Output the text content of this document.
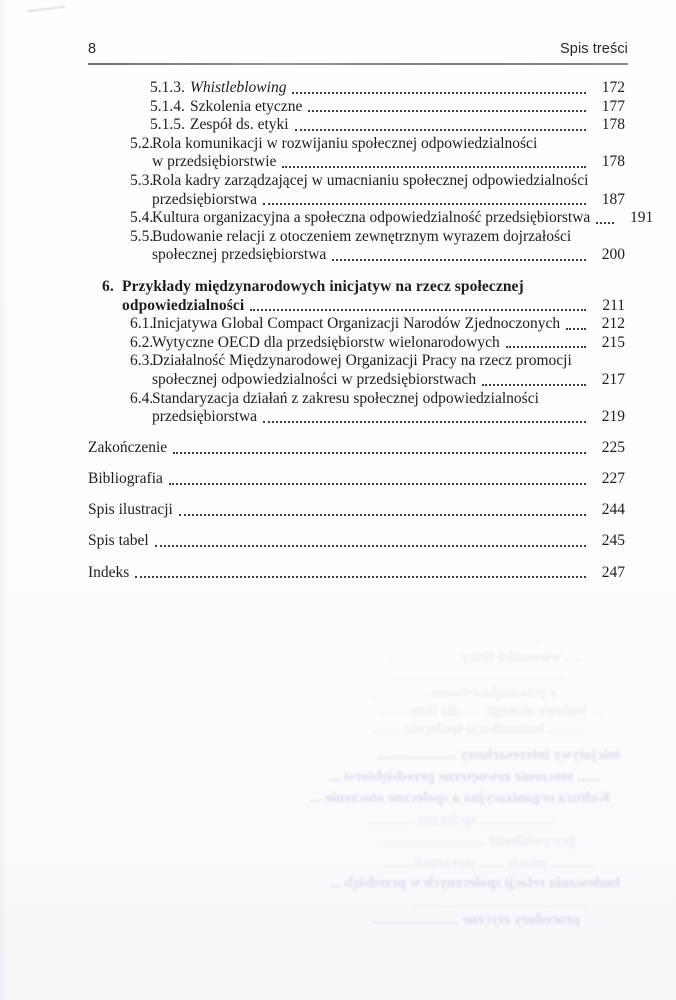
8	Spis treści
5.1.3. Whistleblowing	172
5.1.4. Szkolenia etyczne	177
5.1.5. Zespół ds. etyki	178
5.2.
Rola komunikacji w rozwijaniu społecznej odpowiedzialności
w przedsiębiorstwie	178
5.3.
Rola kadry zarządzającej w umacnianiu społecznej odpowiedzialności
przedsiębiorstwa	187
5.4.
Kultura organizacyjna a społeczna odpowiedzialność przedsiębiorstwa	191
5.5.
Budowanie relacji z otoczeniem zewnętrznym wyrazem dojrzałości
społecznej przedsiębiorstwa	200
6. Przykłady międzynarodowych inicjatyw na rzecz społecznej
odpowiedzialności	211
6.1.
Inicjatywa Global Compact Organizacji Narodów Zjednoczonych	212
6.2.
Wytyczne OECD dla przedsiębiorstw wielonarodowych	215
6.3.
Działalność Międzynarodowej Organizacji Pracy na rzecz promocji
społecznej odpowiedzialności w przedsiębiorstwach	217
6.4.
Standaryzacja działań z zakresu społecznej odpowiedzialności
przedsiębiorstwa	219
Zakończenie	225
Bibliografia	227
Spis ilustracji	244
Spis tabel	245
Indeks	247
............................................
.... wizerunku firmy ...................
..............................................
........ z przedsiębiorstwem ...............
.... budowy strategii ..... dla firm ........
.......... komunikacja społeczna .......
inicjatywy interesariuszy .....................
...... otoczenie zewnętrzne przedsiębiorst ...
Kultura organizacyjna a społeczne otoczenie ...
.................... społeczna ............
pracownikami .............................
............ relacji ....... etycznych .......
budowania relacji społecznych w przedsięb ...
...............................................
procedury etyczne .......................
